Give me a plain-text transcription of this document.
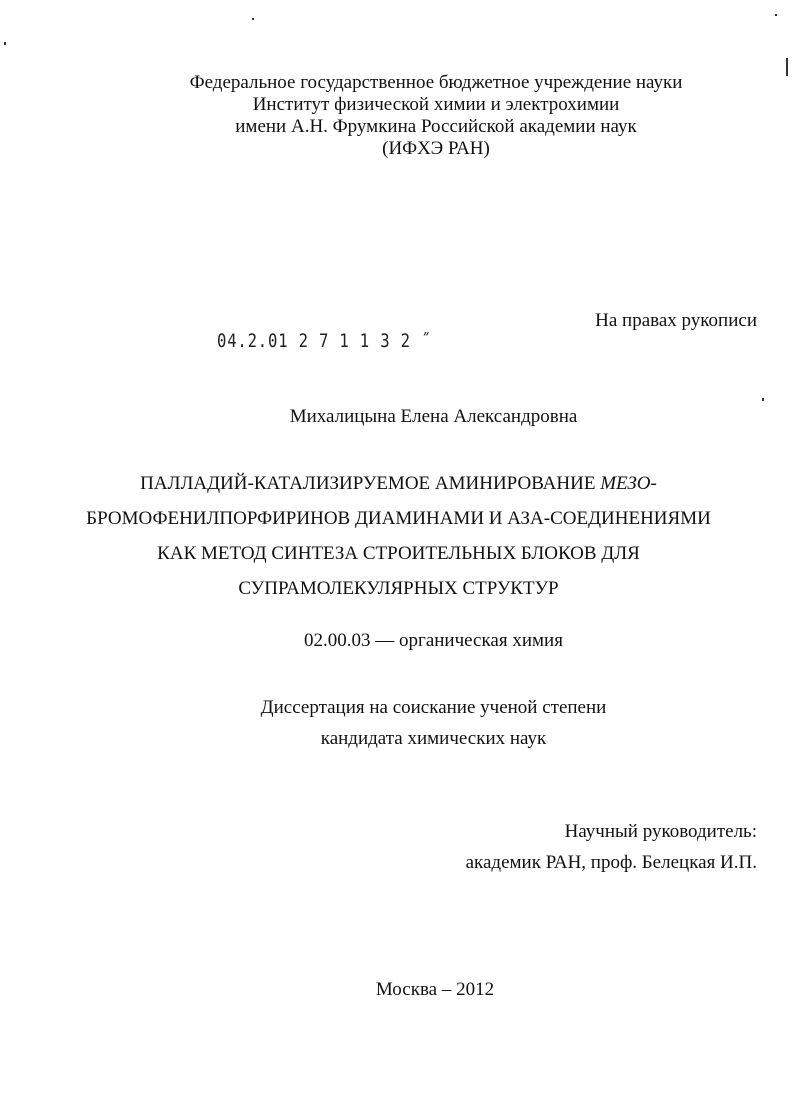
Федеральное государственное бюджетное учреждение науки
Институт физической химии и электрохимии
имени А.Н. Фрумкина Российской академии наук
(ИФХЭ РАН)
На правах рукописи
04.2.01 2 7 1 1 3 2 ˝
Михалицына Елена Александровна
ПАЛЛАДИЙ-КАТАЛИЗИРУЕМОЕ АМИНИРОВАНИЕ МЕЗО-
БРОМОФЕНИЛПОРФИРИНОВ ДИАМИНАМИ И АЗА-СОЕДИНЕНИЯМИ
КАК МЕТОД СИНТЕЗА СТРОИТЕЛЬНЫХ БЛОКОВ ДЛЯ
СУПРАМОЛЕКУЛЯРНЫХ СТРУКТУР
02.00.03 — органическая химия
Диссертация на соискание ученой степени
кандидата химических наук
Научный руководитель:
академик РАН, проф. Белецкая И.П.
Москва – 2012
